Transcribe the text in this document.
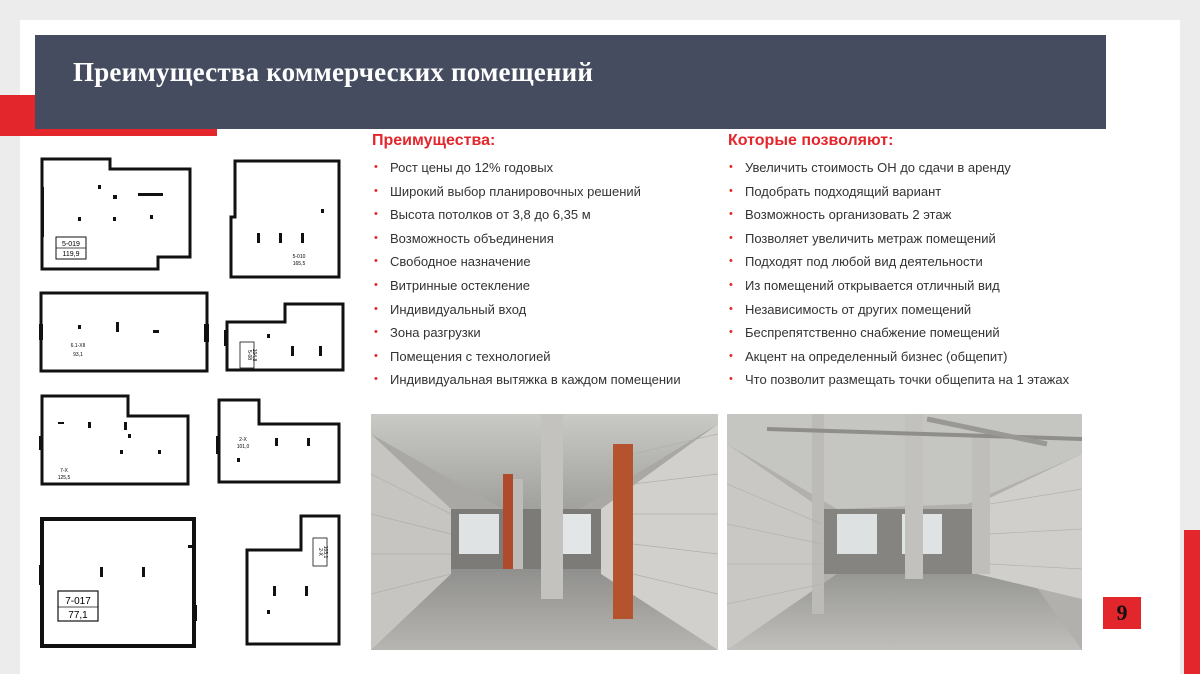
Преимущества коммерческих помещений
5-019
119,9	5-010
165,5
6.1-XII
93,1	5-08 104,8
7-Х
125,5
2-Х
101,0
7-017
77,1
2-Х 103,1
Преимущества:
• Рост цены до 12% годовых
• Широкий выбор планировочных решений
• Высота потолков от 3,8 до 6,35 м
• Возможность объединения
• Свободное назначение
• Витринные остекление
• Индивидуальный вход
• Зона разгрузки
• Помещения с технологией
• Индивидуальная вытяжка в каждом помещении
Которые позволяют:
• Увеличить стоимость ОН до сдачи в аренду
• Подобрать подходящий вариант
• Возможность организовать 2 этаж
• Позволяет увеличить метраж помещений
• Подходят под любой вид деятельности
• Из помещений открывается отличный вид
• Независимость от других помещений
• Беспрепятственно снабжение помещений
• Акцент на определенный бизнес (общепит)
• Что позволит размещать точки общепита на 1 этажах
9
